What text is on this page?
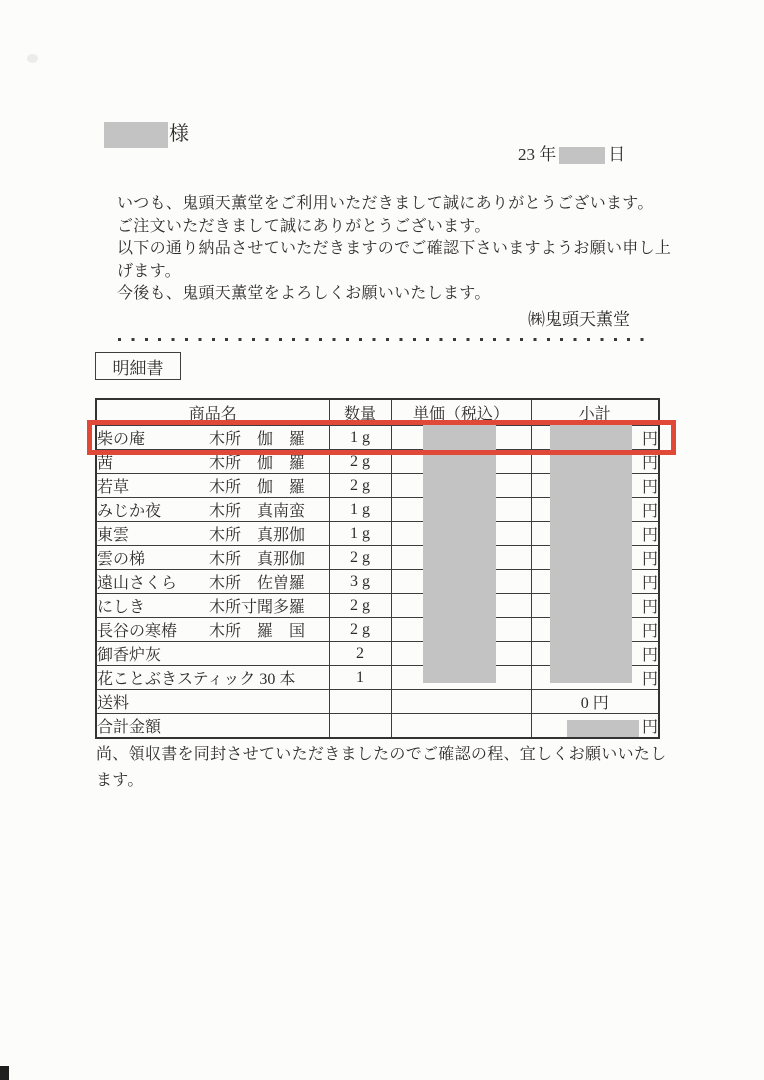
様
23 年	日
いつも、鬼頭天薫堂をご利用いただきまして誠にありがとうございます。
ご注文いただきまして誠にありがとうございます。
以下の通り納品させていただきますのでご確認下さいますようお願い申し上
げます。
今後も、鬼頭天薫堂をよろしくお願いいたします。
㈱鬼頭天薫堂
明細書
商品名	数量	単価（税込）	小計
柴の庵 木所　伽　羅	1 g		円
茜 木所　伽　羅	2 g		円
若草 木所　伽　羅	2 g		円
みじか夜 木所　真南蛮	1 g		円
東雲 木所　真那伽	1 g		円
雲の梯 木所　真那伽	2 g		円
遠山さくら 木所　佐曽羅	3 g		円
にしき 木所寸聞多羅	2 g		円
長谷の寒椿 木所　羅　国	2 g		円
御香炉灰	2		円
花ことぶきスティック 30 本	1		円
送料			0 円
合計金額			円
尚、領収書を同封させていただきましたのでご確認の程、宜しくお願いいたし
ます。
